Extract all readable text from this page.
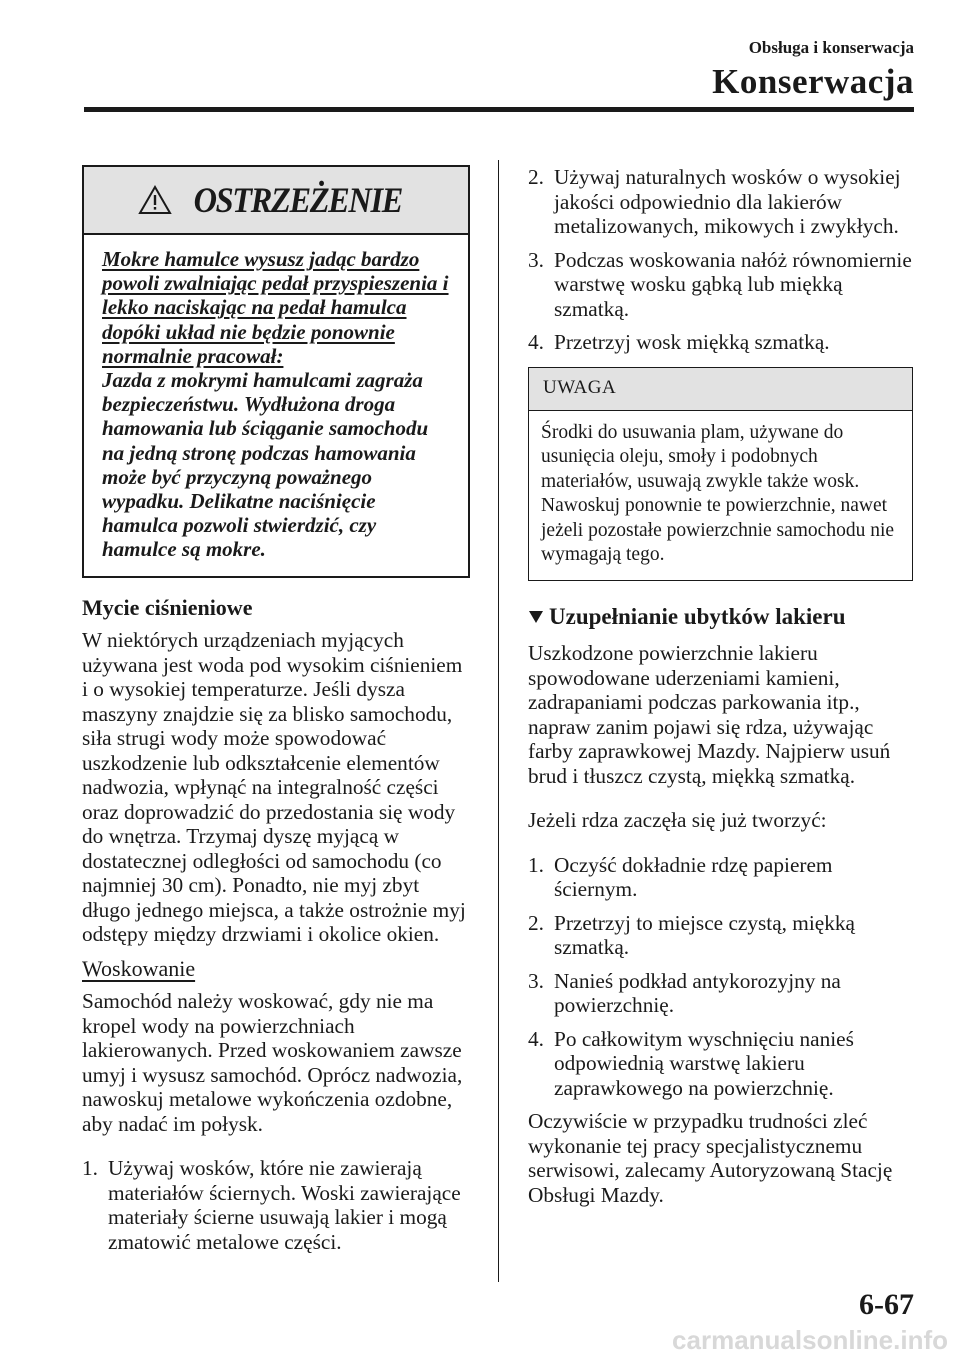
Obsługa i konserwacja
Konserwacja
OSTRZEŻENIE
Mokre hamulce wysusz jadąc bardzo powoli zwalniając pedał przyspieszenia i lekko naciskając na pedał hamulca dopóki układ nie będzie ponownie normalnie pracował:
Jazda z mokrymi hamulcami zagraża bezpieczeństwu. Wydłużona droga hamowania lub ściąganie samochodu na jedną stronę podczas hamowania może być przyczyną poważnego wypadku. Delikatne naciśnięcie hamulca pozwoli stwierdzić, czy hamulce są mokre.
Mycie ciśnieniowe

W niektórych urządzeniach myjących używana jest woda pod wysokim ciśnieniem i o wysokiej temperaturze. Jeśli dysza maszyny znajdzie się za blisko samochodu, siła strugi wody może spowodować uszkodzenie lub odkształcenie elementów nadwozia, wpłynąć na integralność części oraz doprowadzić do przedostania się wody do wnętrza. Trzymaj dyszę myjącą w dostatecznej odległości od samochodu (co najmniej 30 cm). Ponadto, nie myj zbyt długo jednego miejsca, a także ostrożnie myj odstępy między drzwiami i okolice okien.

Woskowanie

Samochód należy woskować, gdy nie ma kropel wody na powierzchniach lakierowanych. Przed woskowaniem zawsze umyj i wysusz samochód. Oprócz nadwozia, nawoskuj metalowe wykończenia ozdobne, aby nadać im połysk.

1. Używaj wosków, które nie zawierają materiałów ściernych. Woski zawierające materiały ścierne usuwają lakier i mogą zmatowić metalowe części.
2. Używaj naturalnych wosków o wysokiej jakości odpowiednio dla lakierów metalizowanych, mikowych i zwykłych.
3. Podczas woskowania nałóż równomiernie warstwę wosku gąbką lub miękką szmatką.
4. Przetrzyj wosk miękką szmatką.
UWAGA
Środki do usuwania plam, używane do usunięcia oleju, smoły i podobnych materiałów, usuwają zwykle także wosk. Nawoskuj ponownie te powierzchnie, nawet jeżeli pozostałe powierzchnie samochodu nie wymagają tego.
Uzupełnianie ubytków lakieru

Uszkodzone powierzchnie lakieru spowodowane uderzeniami kamieni, zadrapaniami podczas parkowania itp., napraw zanim pojawi się rdza, używając farby zaprawkowej Mazdy. Najpierw usuń brud i tłuszcz czystą, miękką szmatką.

Jeżeli rdza zaczęła się już tworzyć:

1. Oczyść dokładnie rdzę papierem ściernym.
2. Przetrzyj to miejsce czystą, miękką szmatką.
3. Nanieś podkład antykorozyjny na powierzchnię.
4. Po całkowitym wyschnięciu nanieś odpowiednią warstwę lakieru zaprawkowego na powierzchnię.

Oczywiście w przypadku trudności zleć wykonanie tej pracy specjalistycznemu serwisowi, zalecamy Autoryzowaną Stację Obsługi Mazdy.

6-67
carmanualsonline.info
